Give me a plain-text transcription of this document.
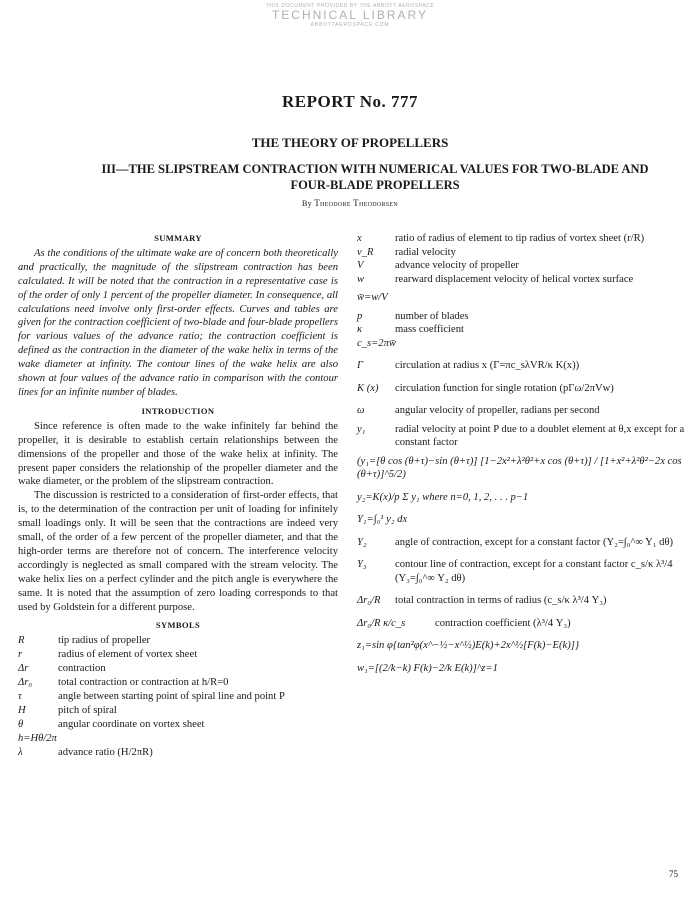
THIS DOCUMENT PROVIDED BY THE ABBOTT AEROSPACE
TECHNICAL LIBRARY
ABBOTTAEROSPACE.COM
REPORT No. 777
THE THEORY OF PROPELLERS
III—THE SLIPSTREAM CONTRACTION WITH NUMERICAL VALUES FOR TWO-BLADE AND
FOUR-BLADE PROPELLERS
By Theodore Theodorsen
SUMMARY

As the conditions of the ultimate wake are of concern both theoretically and practically, the magnitude of the slipstream contraction has been calculated. It will be noted that the contraction in a representative case is of the order of only 1 percent of the propeller diameter. In consequence, all calculations need involve only first-order effects. Curves and tables are given for the contraction coefficient of two-blade and four-blade propellers for various values of the advance ratio; the contraction coefficient is defined as the contraction in the diameter of the wake helix in terms of the wake diameter at infinity. The contour lines of the wake helix are also shown at four values of the advance ratio in comparison with the contour lines for an infinite number of blades.

INTRODUCTION

Since reference is often made to the wake infinitely far behind the propeller, it is desirable to establish certain relationships between the dimensions of the propeller and those of the wake helix at infinity. The present paper considers the relationship of the propeller diameter and the wake diameter, or the problem of the slipstream contraction.

The discussion is restricted to a consideration of first-order effects, that is, to the determination of the contraction per unit of loading for infinitely small loadings only. It will be seen that the contractions are indeed very small, of the order of a few percent of the propeller diameter, and that the high-order terms are therefore not of concern. The interference velocity accordingly is neglected as small compared with the stream velocity. The wake helix lies on a perfect cylinder and the pitch angle is everywhere the same. It is noted that the assumption of zero loading corresponds to that used by Goldstein for a different purpose.

SYMBOLS
R	tip radius of propeller
r	radius of element of vortex sheet
Δr	contraction
Δr₀	total contraction or contraction at h/R=0
τ	angle between starting point of spiral line and point P
H	pitch of spiral
θ	angular coordinate on vortex sheet
h=Hθ/2π
λ	advance ratio (H/2πR)
x	ratio of radius of element to tip radius of vortex sheet (r/R)
v_R	radial velocity
V	advance velocity of propeller
w	rearward displacement velocity of helical vortex surface
w̄=w/V
p	number of blades
κ	mass coefficient
c_s=2πw̄
Γ	circulation at radius x (Γ=πc_sλVR/κ K(x))
K (x)	circulation function for single rotation (pΓω/2πVw)
ω	angular velocity of propeller, radians per second
y₁	radial velocity at point P due to a doublet element at θ,x except for a constant factor
(y₁=[θ cos (θ+τ)−sin (θ+τ)] [1−2x²+λ²θ²+x cos (θ+τ)] / [1+x²+λ²θ²−2x cos (θ+τ)]^5/2)
y₂=K(x)/p Σ y₁ where n=0, 1, 2, . . . p−1
Y₁=∫₀¹ y₂ dx
Y₂	angle of contraction, except for a constant factor (Y₂=∫₀^∞ Y₁ dθ)
Y₃	contour line of contraction, except for a constant factor c_s/κ λ³/4 (Y₃=∫₀^∞ Y₂ dθ)
Δr₀/R	total contraction in terms of radius (c_s/κ λ³/4 Y₃)
Δr₀/R κ/c_s	contraction coefficient (λ³/4 Y₃)
z₁=sin φ{tan²φ(x^−½−x^½)E(k)+2x^½[F(k)−E(k)]}
w₁=[(2/k−k) F(k)−2/k E(k)]^z=1
75
